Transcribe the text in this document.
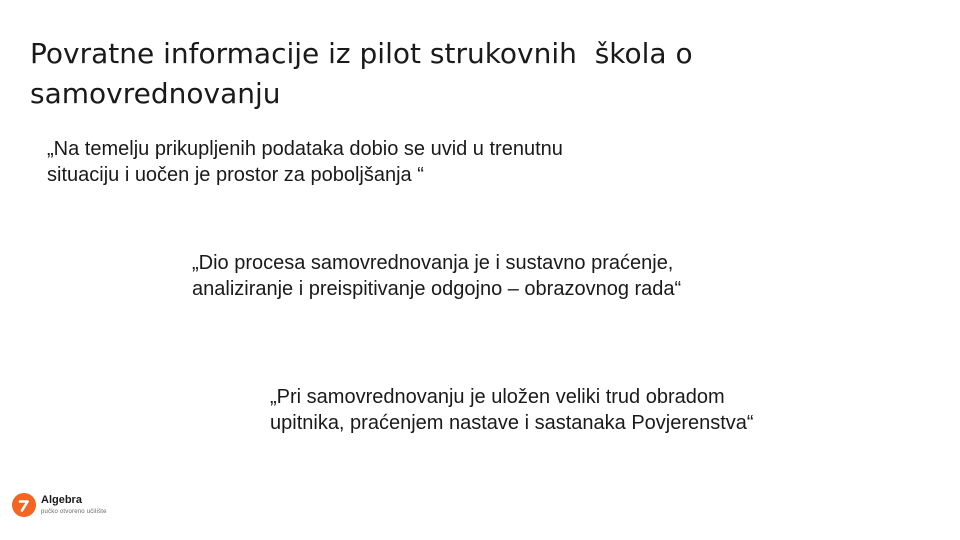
Povratne informacije iz pilot strukovnih  škola o samovrednovanju
„Na temelju prikupljenih podataka dobio se uvid u trenutnu
situaciju i uočen je prostor za poboljšanja “
„Dio procesa samovrednovanja je i sustavno praćenje,
analiziranje i preispitivanje odgojno – obrazovnog rada“
„Pri samovrednovanju je uložen veliki trud obradom
upitnika, praćenjem nastave i sastanaka Povjerenstva“
Algebra
pučko otvoreno učilište
